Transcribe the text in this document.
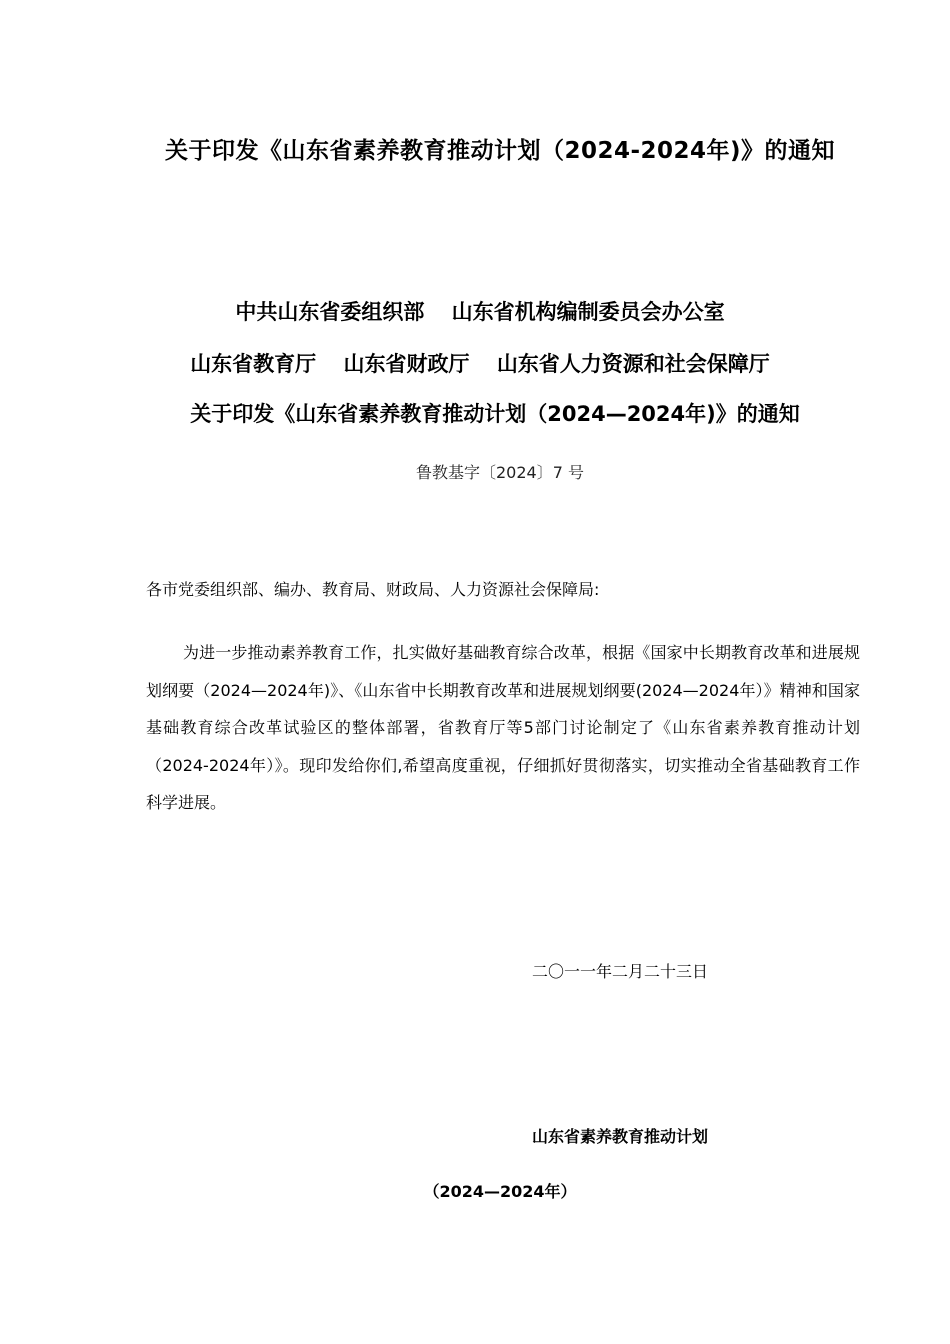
关于印发《山东省素养教育推动计划（2024-2024年)》的通知
中共山东省委组织部 山东省机构编制委员会办公室
山东省教育厅 山东省财政厅 山东省人力资源和社会保障厅
关于印发《山东省素养教育推动计划（2024—2024年)》的通知
鲁教基字〔2024〕7 号
各市党委组织部、编办、教育局、财政局、人力资源社会保障局:
为进一步推动素养教育工作，扎实做好基础教育综合改革，根据《国家中长期教育改革和进展规划纲要（2024—2024年)》、《山东省中长期教育改革和进展规划纲要(2024—2024年）》精神和国家基础教育综合改革试验区的整体部署，省教育厅等5部门讨论制定了《山东省素养教育推动计划（2024-2024年）》。现印发给你们,希望高度重视，仔细抓好贯彻落实，切实推动全省基础教育工作科学进展。
二〇一一年二月二十三日
山东省素养教育推动计划
（2024—2024年）
